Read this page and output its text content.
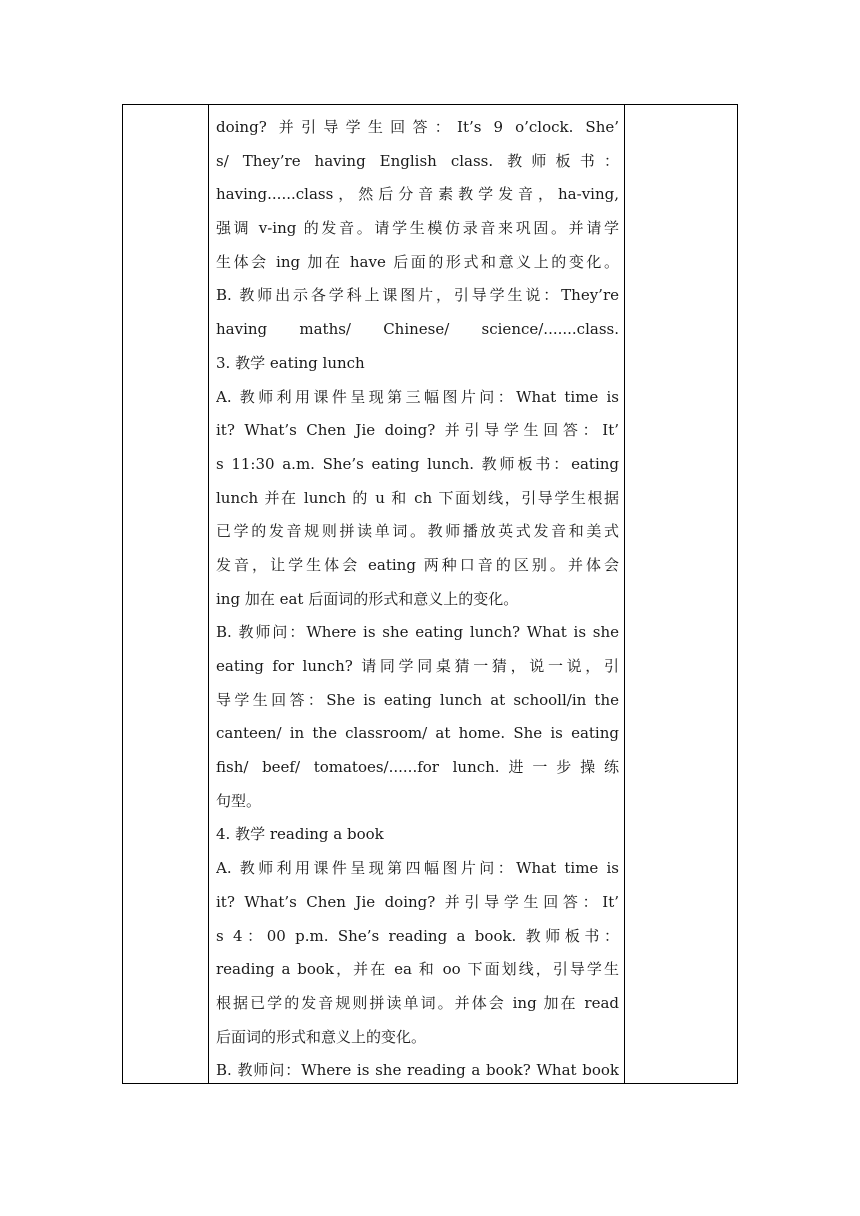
doing? 并引导学生回答：It’s 9 o’clock. She’
s/ They’re having English class. 教师板书：
having......class，然后分音素教学发音，ha-ving,
强调 v-ing 的发音。请学生模仿录音来巩固。并请学
生体会 ing 加在 have 后面的形式和意义上的变化。
B. 教师出示各学科上课图片，引导学生说：They’re
having maths/ Chinese/ science/.......class.
3. 教学 eating lunch
A. 教师利用课件呈现第三幅图片问：What time is
it? What’s Chen Jie doing? 并引导学生回答：It’
s 11:30 a.m. She’s eating lunch. 教师板书：eating
lunch 并在 lunch 的 u 和 ch 下面划线，引导学生根据
已学的发音规则拼读单词。教师播放英式发音和美式
发音，让学生体会 eating 两种口音的区别。并体会
ing 加在 eat 后面词的形式和意义上的变化。
B. 教师问：Where is she eating lunch? What is she
eating for lunch? 请同学同桌猜一猜，说一说，引
导学生回答：She is eating lunch at schooll/in the
canteen/ in the classroom/ at home. She is eating
fish/ beef/ tomatoes/......for lunch.进一步操练
句型。
4. 教学 reading a book
A. 教师利用课件呈现第四幅图片问：What time is
it? What’s Chen Jie doing? 并引导学生回答：It’
s 4：00 p.m. She’s reading a book. 教师板书：
reading a book，并在 ea 和 oo 下面划线，引导学生
根据已学的发音规则拼读单词。并体会 ing 加在 read
后面词的形式和意义上的变化。
B. 教师问：Where is she reading a book? What book
